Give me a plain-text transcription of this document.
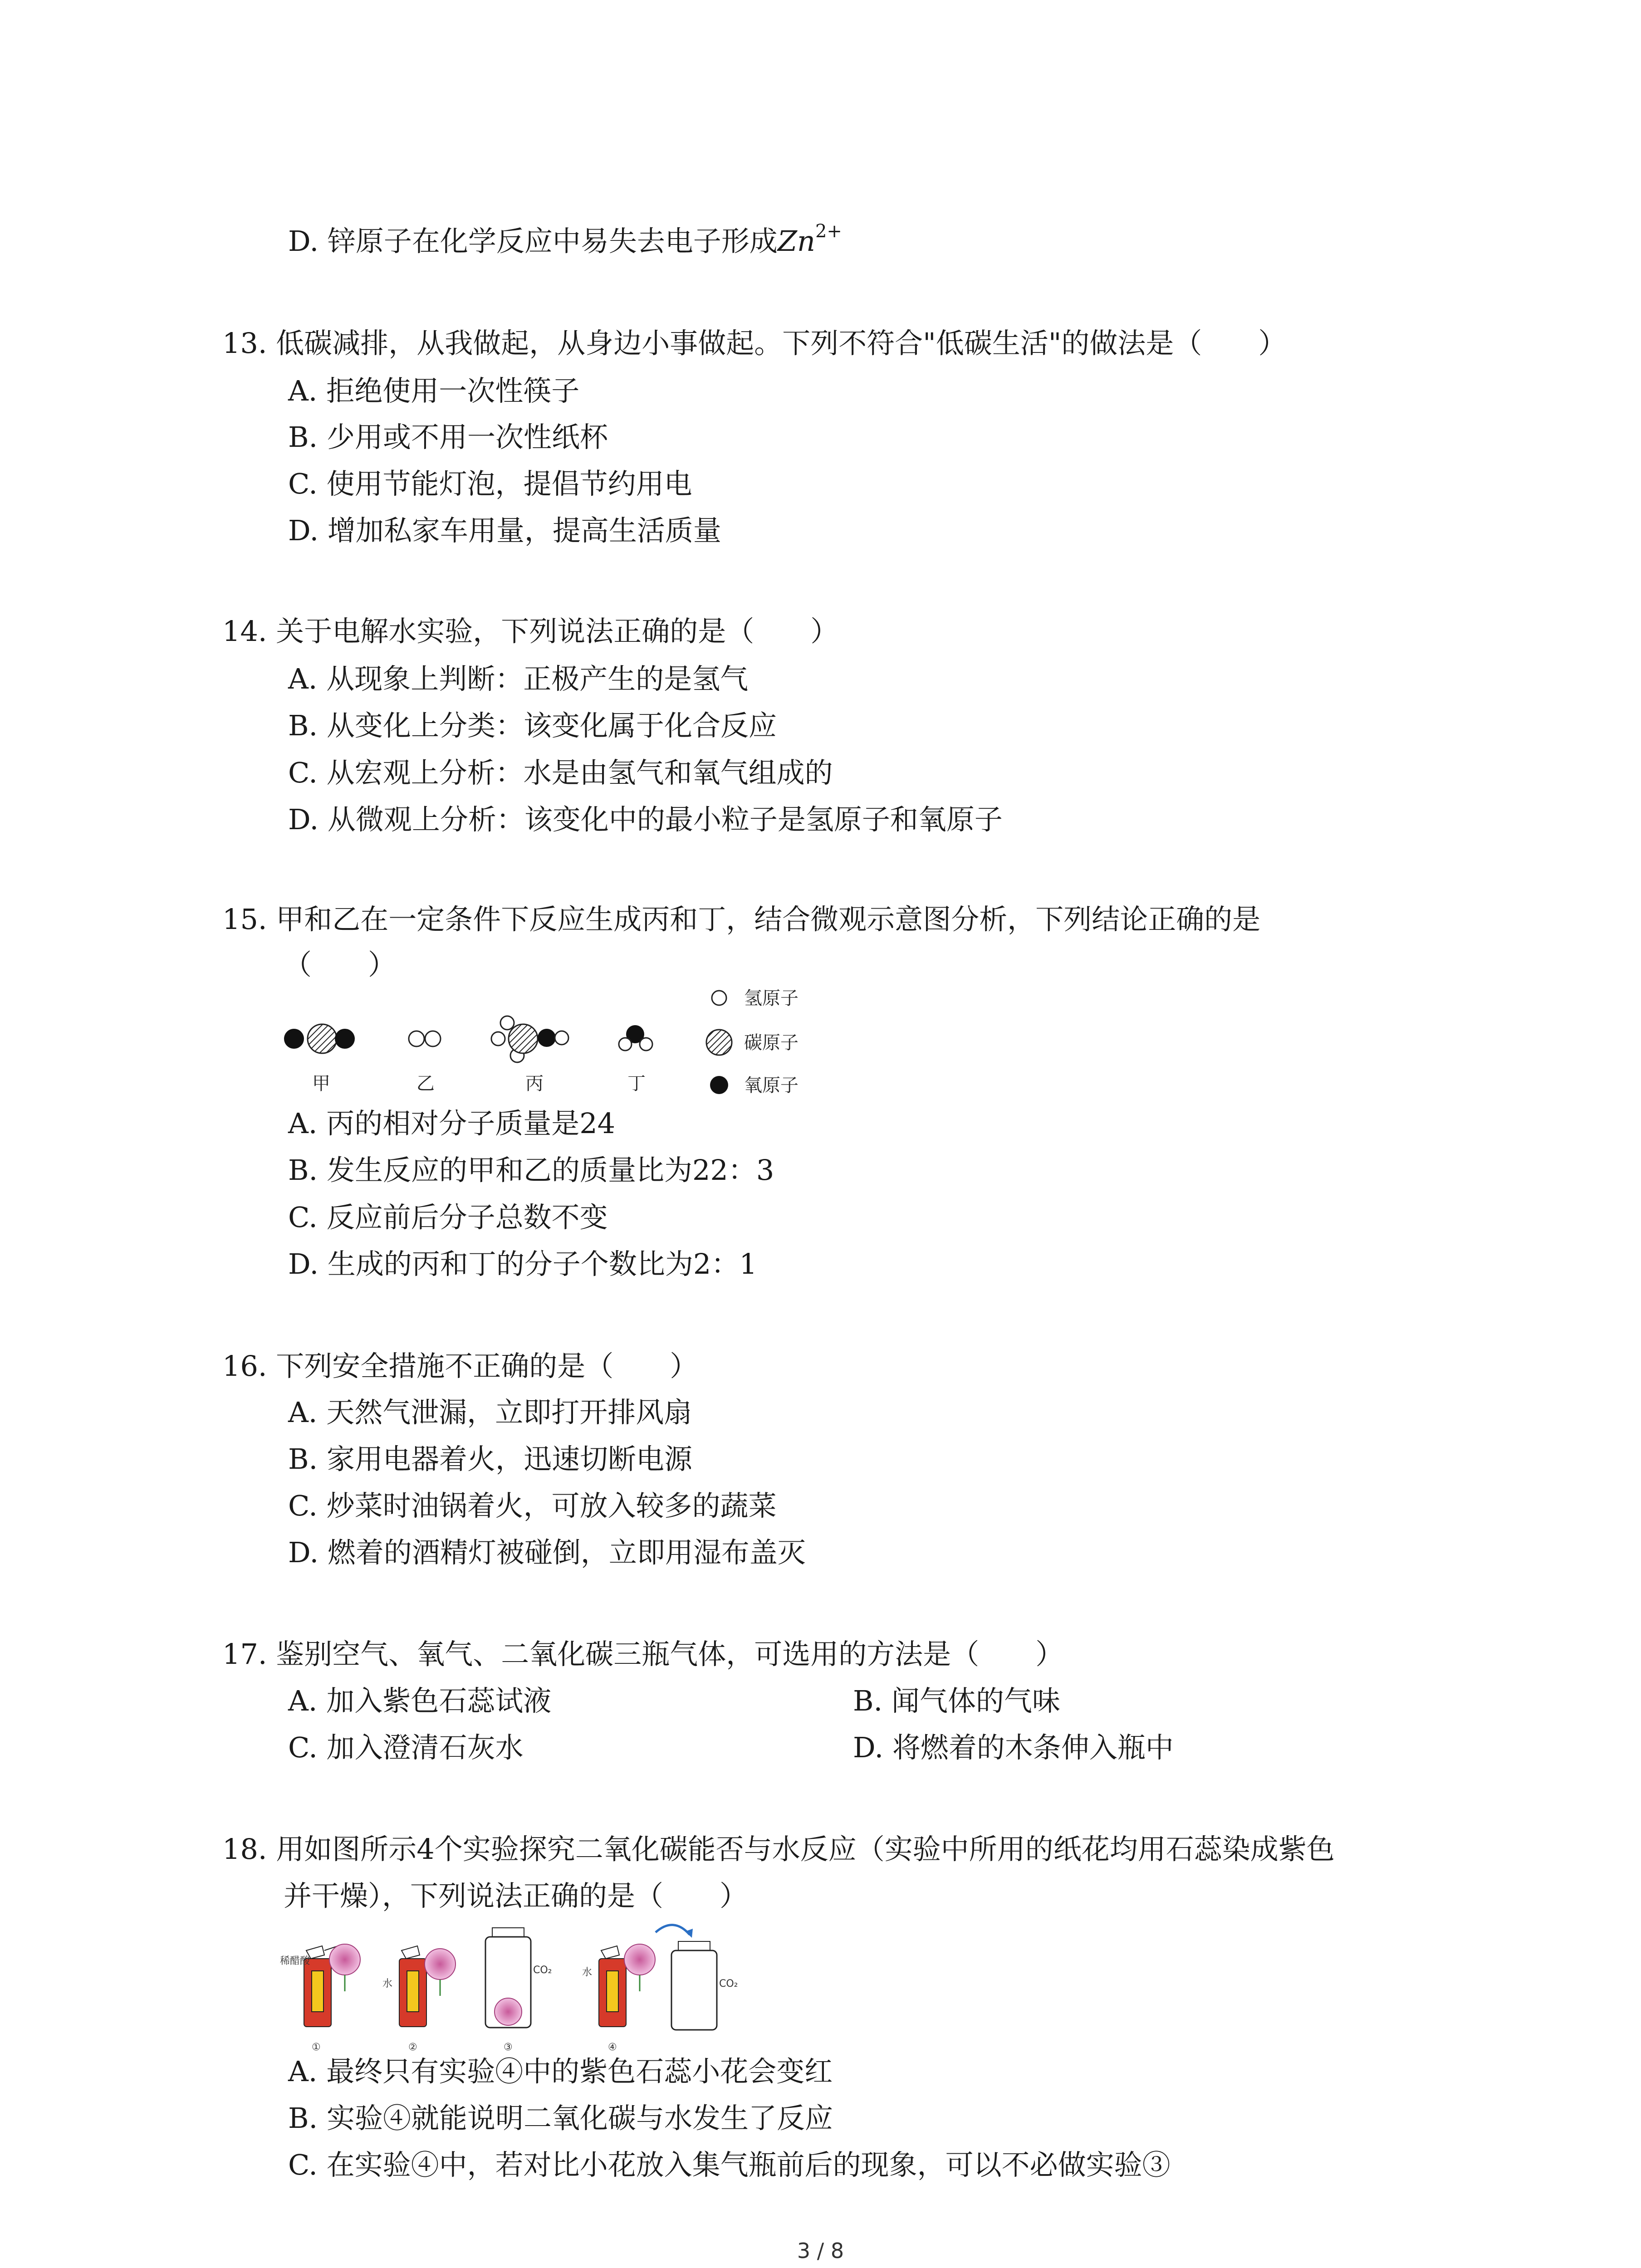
D. 锌原子在化学反应中易失去电子形成$Zn^{2+}$
13. 低碳减排，从我做起，从身边小事做起。下列不符合"低碳生活"的做法是（　　）
A. 拒绝使用一次性筷子
B. 少用或不用一次性纸杯
C. 使用节能灯泡，提倡节约用电
D. 增加私家车用量，提高生活质量
14. 关于电解水实验，下列说法正确的是（　　）
A. 从现象上判断：正极产生的是氢气
B. 从变化上分类：该变化属于化合反应
C. 从宏观上分析：水是由氢气和氧气组成的
D. 从微观上分析：该变化中的最小粒子是氢原子和氧原子
15. 甲和乙在一定条件下反应生成丙和丁，结合微观示意图分析，下列结论正确的是
（　　）
甲	乙	丙	丁
氢原子
碳原子
氧原子
A. 丙的相对分子质量是24
B. 发生反应的甲和乙的质量比为22：3
C. 反应前后分子总数不变
D. 生成的丙和丁的分子个数比为2：1
16. 下列安全措施不正确的是（　　）
A. 天然气泄漏，立即打开排风扇
B. 家用电器着火，迅速切断电源
C. 炒菜时油锅着火，可放入较多的蔬菜
D. 燃着的酒精灯被碰倒，立即用湿布盖灭
17. 鉴别空气、氧气、二氧化碳三瓶气体，可选用的方法是（　　）
A. 加入紫色石蕊试液	B. 闻气体的气味
C. 加入澄清石灰水	D. 将燃着的木条伸入瓶中
18. 用如图所示4个实验探究二氧化碳能否与水反应（实验中所用的纸花均用石蕊染成紫色
并干燥），下列说法正确的是（　　）
稀醋酸
①
水
②
CO₂
③
水
④
CO₂
A. 最终只有实验④中的紫色石蕊小花会变红
B. 实验④就能说明二氧化碳与水发生了反应
C. 在实验④中，若对比小花放入集气瓶前后的现象，可以不必做实验③
3 / 8
